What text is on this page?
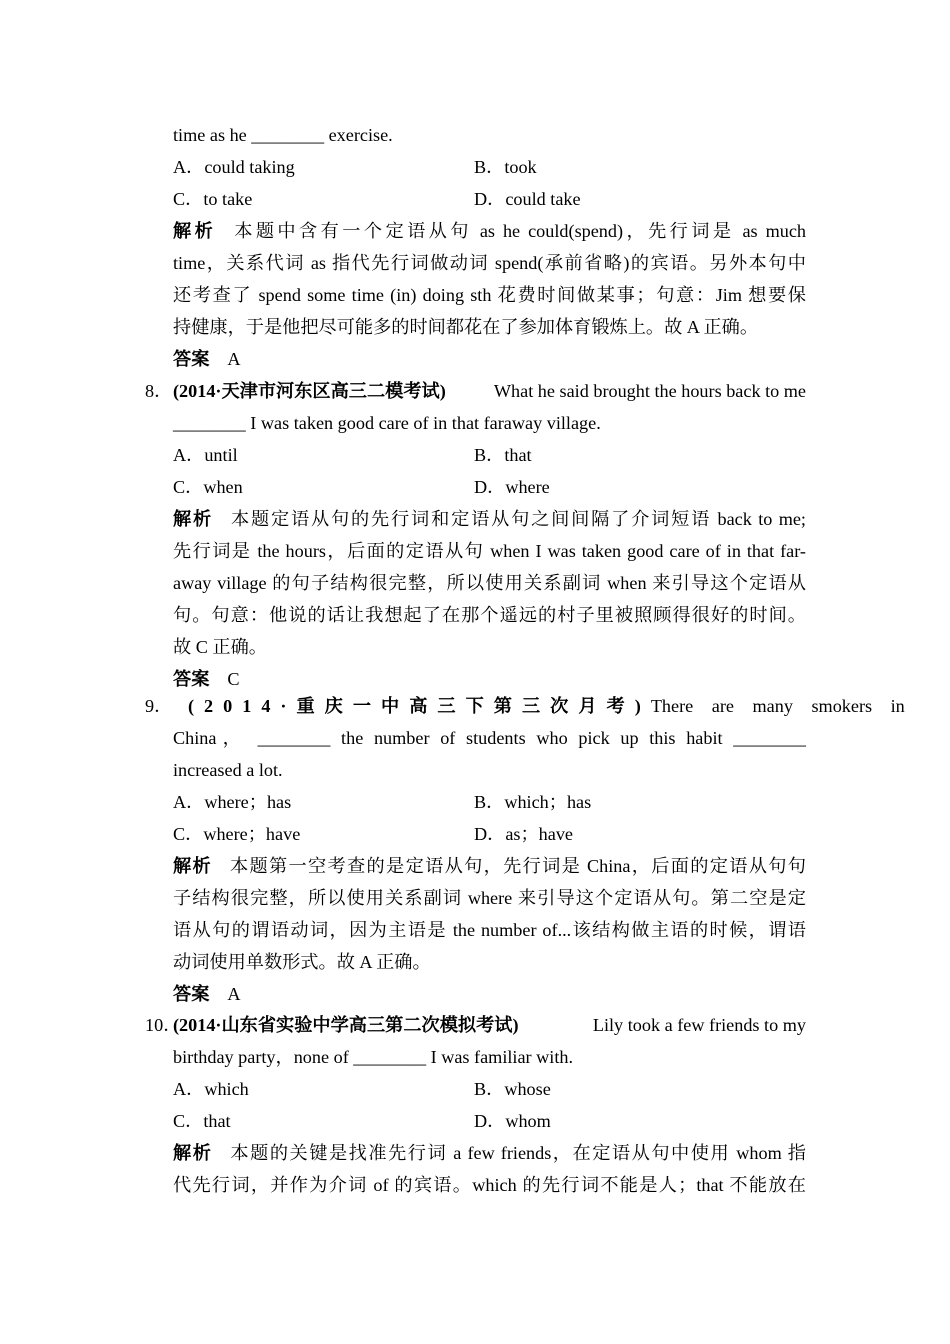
time as he ________ exercise.
A．could taking	B．took
C．to take	D．could take
解析 本题中含有一个定语从句 as he could(spend)，先行词是 as much
time，关系代词 as 指代先行词做动词 spend(承前省略)的宾语。另外本句中
还考查了 spend some time (in) doing sth 花费时间做某事；句意：Jim 想要保
持健康，于是他把尽可能多的时间都花在了参加体育锻炼上。故 A 正确。
答案 A
8． (2014·天津市河东区高三二模考试)	What he said brought the hours back to me
________ I was taken good care of in that faraway village.
A．until	B．that
C．when	D．where
解析 本题定语从句的先行词和定语从句之间间隔了介词短语 back to me;
先行词是 the hours，后面的定语从句 when I was taken good care of in that far-
away village 的句子结构很完整，所以使用关系副词 when 来引导这个定语从
句。句意：他说的话让我想起了在那个遥远的村子里被照顾得很好的时间。
故 C 正确。
答案 C
9． (2014·重庆一中高三下第三次月考) There are many smokers in
China， ________ the number of students who pick up this habit ________
increased a lot.
A．where；has	B．which；has
C．where；have	D．as；have
解析 本题第一空考查的是定语从句，先行词是 China，后面的定语从句句
子结构很完整，所以使用关系副词 where 来引导这个定语从句。第二空是定
语从句的谓语动词，因为主语是 the number of...该结构做主语的时候，谓语
动词使用单数形式。故 A 正确。
答案 A
10．
(2014·山东省实验中学高三第二次模拟考试)	Lily took a few friends to my
birthday party，none of ________ I was familiar with.
A．which	B．whose
C．that	D．whom
解析 本题的关键是找准先行词 a few friends，在定语从句中使用 whom 指
代先行词，并作为介词 of 的宾语。which 的先行词不能是人；that 不能放在
